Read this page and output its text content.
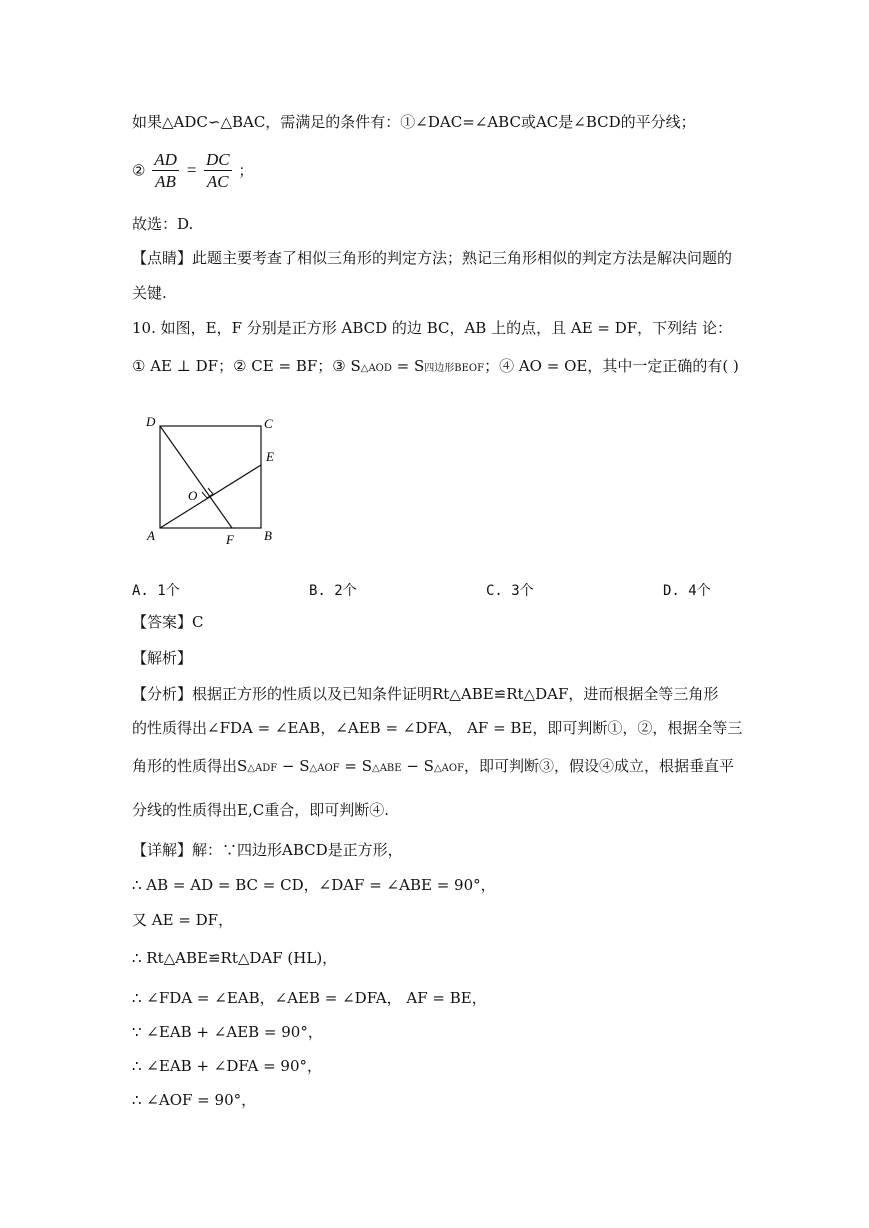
如果△ADC∽△BAC，需满足的条件有：①∠DAC=∠ABC或AC是∠BCD的平分线；
② $\frac{AD}{AB} = \frac{DC}{AC}$ ；
故选：D.
【点睛】此题主要考查了相似三角形的判定方法；熟记三角形相似的判定方法是解决问题的
关键.
10. 如图，E，F 分别是正方形 ABCD 的边 BC，AB 上的点，且 AE = DF，下列结 论：
① AE ⊥ DF；② CE = BF；③ S△AOD = S四边形BEOF；④ AO = OE，其中一定正确的有( )
D	C
E
O
A	F B
A. 1个	B. 2个	C. 3个	D. 4个
【答案】C
【解析】
【分析】根据正方形的性质以及已知条件证明Rt△ABE≌Rt△DAF，进而根据全等三角形
的性质得出∠FDA = ∠EAB，∠AEB = ∠DFA， AF = BE，即可判断①，②，根据全等三
角形的性质得出S△ADF − S△AOF = S△ABE − S△AOF，即可判断③，假设④成立，根据垂直平
分线的性质得出E,C重合，即可判断④.
【详解】解：∵四边形ABCD是正方形，
∴ AB = AD = BC = CD，∠DAF = ∠ABE = 90°，
又 AE = DF，
∴ Rt△ABE≌Rt△DAF (HL)，
∴ ∠FDA = ∠EAB，∠AEB = ∠DFA， AF = BE，
∵ ∠EAB + ∠AEB = 90°，
∴ ∠EAB + ∠DFA = 90°，
∴ ∠AOF = 90°，
